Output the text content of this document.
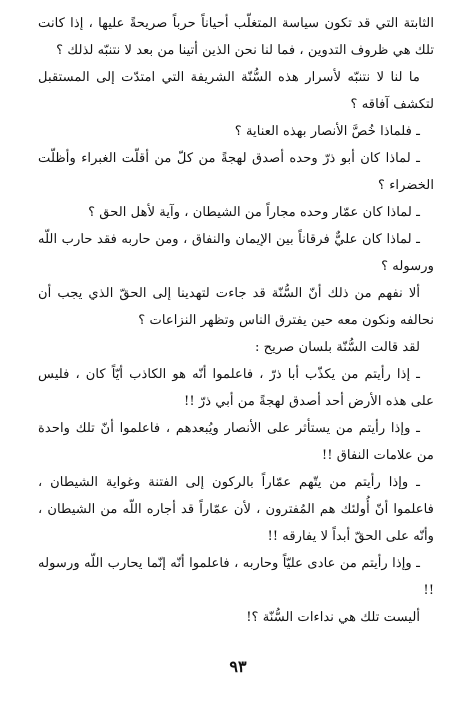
الثابتة التي قد تكون سياسة المتغلّب أحياناً حرباً صريحةً عليها ، إذا كانت تلك هي ظروف التدوين ، فما لنا نحن الذين أتينا من بعد لا نتنبّه لذلك ؟

ما لنا لا نتنبّه لأسرار هذه السُّنّة الشريفة التي امتدّت إلى المستقبل لتكشف آفاقه ؟

ـ فلماذا خُصَّ الأنصار بهذه العناية ؟

ـ لماذا كان أبو ذرّ وحده أصدق لهجةً من كلّ من أقلّت الغبراء وأظلّت الخضراء ؟

ـ لماذا كان عمّار وحده مجاراً من الشيطان ، وآية لأهل الحق ؟

ـ لماذا كان عليٌّ فرقاناً بين الإيمان والنفاق ، ومن حاربه فقد حارب اللّه ورسوله ؟

ألا نفهم من ذلك أنّ السُّنّة قد جاءت لتهدينا إلى الحقّ الذي يجب أن نحالفه ونكون معه حين يفترق الناس وتظهر النزاعات ؟

لقد قالت السُّنّة بلسان صريح :

ـ إذا رأيتم من يكذّب أبا ذرّ ، فاعلموا أنّه هو الكاذب أيّاً كان ، فليس على هذه الأرض أحد أصدق لهجةً من أبي ذرّ !!

ـ وإذا رأيتم من يستأثر على الأنصار ويُبعدهم ، فاعلموا أنّ تلك واحدة من علامات النفاق !!

ـ وإذا رأيتم من يتّهم عمّاراً بالركون إلى الفتنة وغواية الشيطان ، فاعلموا أنّ أُولئك هم المُفترون ، لأن عمّاراً قد أجاره اللّه من الشيطان ، وأنّه على الحقّ أبداً لا يفارقه !!

ـ وإذا رأيتم من عادى عليّاً وحاربه ، فاعلموا أنّه إنّما يحارب اللّه ورسوله !!

أليست تلك هي نداءات السُّنّة ؟!

٩٣
